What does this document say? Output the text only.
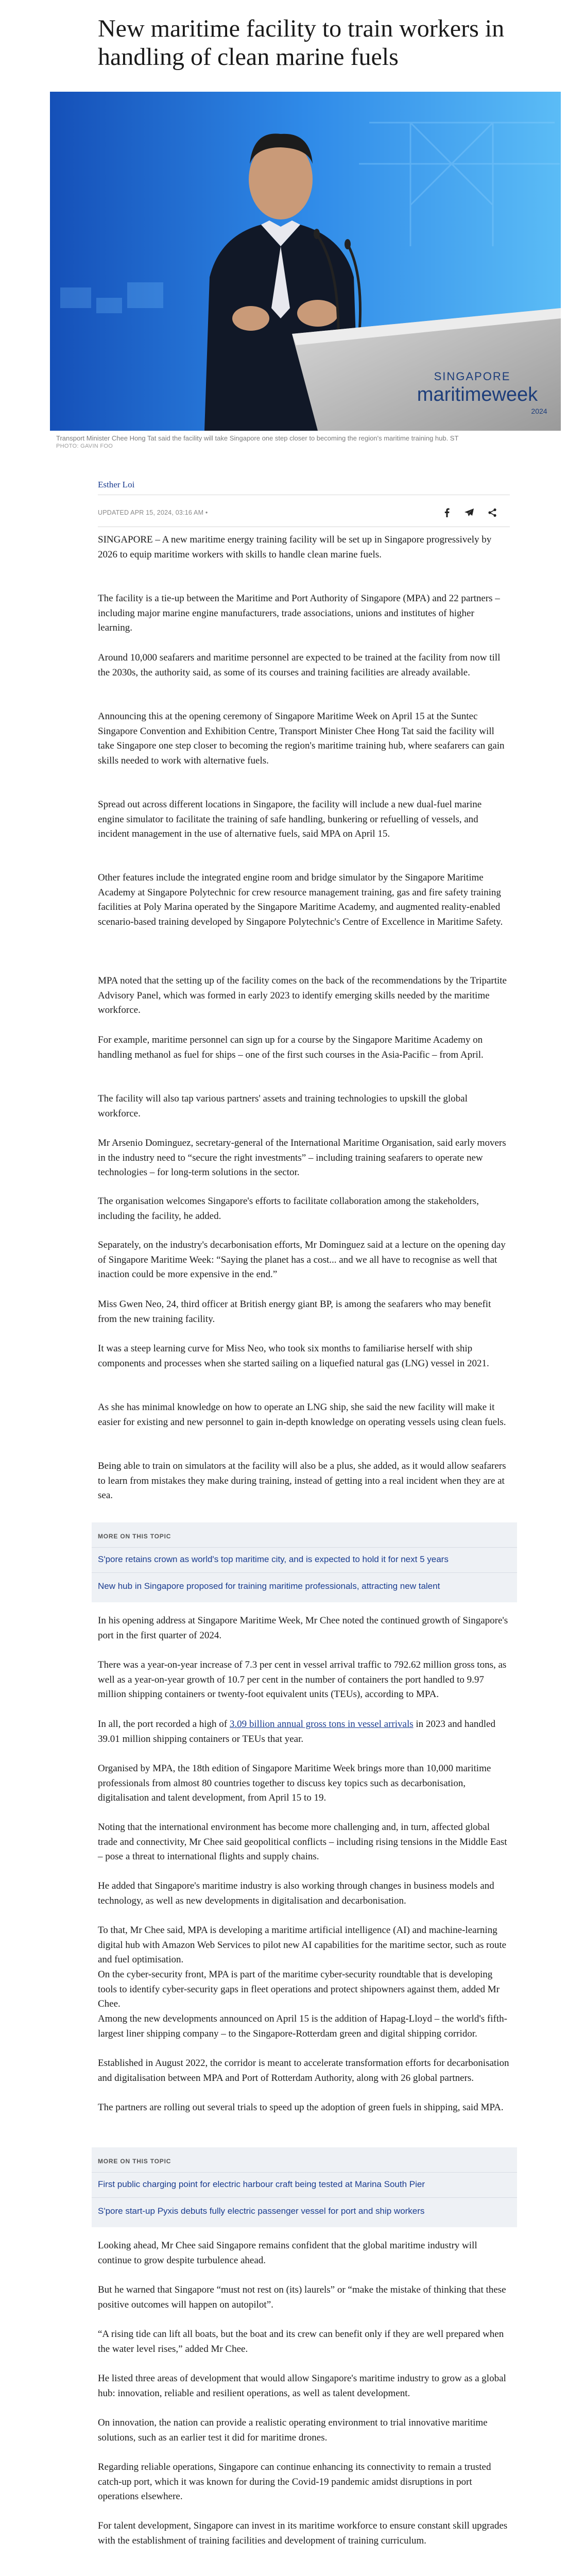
New maritime facility to train workers in handling of clean marine fuels
SINGAPORE
maritimeweek
2024
Transport Minister Chee Hong Tat said the facility will take Singapore one step closer to becoming the region's maritime training hub. ST
PHOTO: GAVIN FOO
Esther Loi
UPDATED APR 15, 2024, 03:16 AM •

SINGAPORE – A new maritime energy training facility will be set up in Singapore progressively by 2026 to equip maritime workers with skills to handle clean marine fuels.

The facility is a tie-up between the Maritime and Port Authority of Singapore (MPA) and 22 partners – including major marine engine manufacturers, trade associations, unions and institutes of higher learning.

Around 10,000 seafarers and maritime personnel are expected to be trained at the facility from now till the 2030s, the authority said, as some of its courses and training facilities are already available.

Announcing this at the opening ceremony of Singapore Maritime Week on April 15 at the Suntec Singapore Convention and Exhibition Centre, Transport Minister Chee Hong Tat said the facility will take Singapore one step closer to becoming the region's maritime training hub, where seafarers can gain skills needed to work with alternative fuels.

Spread out across different locations in Singapore, the facility will include a new dual-fuel marine engine simulator to facilitate the training of safe handling, bunkering or refuelling of vessels, and incident management in the use of alternative fuels, said MPA on April 15.

Other features include the integrated engine room and bridge simulator by the Singapore Maritime Academy at Singapore Polytechnic for crew resource management training, gas and fire safety training facilities at Poly Marina operated by the Singapore Maritime Academy, and augmented reality-enabled scenario-based training developed by Singapore Polytechnic's Centre of Excellence in Maritime Safety.

MPA noted that the setting up of the facility comes on the back of the recommendations by the Tripartite Advisory Panel, which was formed in early 2023 to identify emerging skills needed by the maritime workforce.

For example, maritime personnel can sign up for a course by the Singapore Maritime Academy on handling methanol as fuel for ships – one of the first such courses in the Asia-Pacific – from April.

The facility will also tap various partners' assets and training technologies to upskill the global workforce.

Mr Arsenio Dominguez, secretary-general of the International Maritime Organisation, said early movers in the industry need to “secure the right investments” – including training seafarers to operate new technologies – for long-term solutions in the sector.

The organisation welcomes Singapore's efforts to facilitate collaboration among the stakeholders, including the facility, he added.

Separately, on the industry's decarbonisation efforts, Mr Dominguez said at a lecture on the opening day of Singapore Maritime Week: “Saying the planet has a cost... and we all have to recognise as well that inaction could be more expensive in the end.”

Miss Gwen Neo, 24, third officer at British energy giant BP, is among the seafarers who may benefit from the new training facility.

It was a steep learning curve for Miss Neo, who took six months to familiarise herself with ship components and processes when she started sailing on a liquefied natural gas (LNG) vessel in 2021.

As she has minimal knowledge on how to operate an LNG ship, she said the new facility will make it easier for existing and new personnel to gain in-depth knowledge on operating vessels using clean fuels.

Being able to train on simulators at the facility will also be a plus, she added, as it would allow seafarers to learn from mistakes they make during training, instead of getting into a real incident when they are at sea.

MORE ON THIS TOPIC
S'pore retains crown as world's top maritime city, and is expected to hold it for next 5 years
New hub in Singapore proposed for training maritime professionals, attracting new talent

In his opening address at Singapore Maritime Week, Mr Chee noted the continued growth of Singapore's port in the first quarter of 2024.

There was a year-on-year increase of 7.3 per cent in vessel arrival traffic to 792.62 million gross tons, as well as a year-on-year growth of 10.7 per cent in the number of containers the port handled to 9.97 million shipping containers or twenty-foot equivalent units (TEUs), according to MPA.

In all, the port recorded a high of 3.09 billion annual gross tons in vessel arrivals in 2023 and handled 39.01 million shipping containers or TEUs that year.

Organised by MPA, the 18th edition of Singapore Maritime Week brings more than 10,000 maritime professionals from almost 80 countries together to discuss key topics such as decarbonisation, digitalisation and talent development, from April 15 to 19.

Noting that the international environment has become more challenging and, in turn, affected global trade and connectivity, Mr Chee said geopolitical conflicts – including rising tensions in the Middle East – pose a threat to international flights and supply chains.

He added that Singapore's maritime industry is also working through changes in business models and technology, as well as new developments in digitalisation and decarbonisation.

To that, Mr Chee said, MPA is developing a maritime artificial intelligence (AI) and machine-learning digital hub with Amazon Web Services to pilot new AI capabilities for the maritime sector, such as route and fuel optimisation.

On the cyber-security front, MPA is part of the maritime cyber-security roundtable that is developing tools to identify cyber-security gaps in fleet operations and protect shipowners against them, added Mr Chee.

Among the new developments announced on April 15 is the addition of Hapag-Lloyd – the world's fifth-largest liner shipping company – to the Singapore-Rotterdam green and digital shipping corridor.

Established in August 2022, the corridor is meant to accelerate transformation efforts for decarbonisation and digitalisation between MPA and Port of Rotterdam Authority, along with 26 global partners.

The partners are rolling out several trials to speed up the adoption of green fuels in shipping, said MPA.

MORE ON THIS TOPIC
First public charging point for electric harbour craft being tested at Marina South Pier
S'pore start-up Pyxis debuts fully electric passenger vessel for port and ship workers

Looking ahead, Mr Chee said Singapore remains confident that the global maritime industry will continue to grow despite turbulence ahead.

But he warned that Singapore “must not rest on (its) laurels” or “make the mistake of thinking that these positive outcomes will happen on autopilot”.

“A rising tide can lift all boats, but the boat and its crew can benefit only if they are well prepared when the water level rises,” added Mr Chee.

He listed three areas of development that would allow Singapore's maritime industry to grow as a global hub: innovation, reliable and resilient operations, as well as talent development.

On innovation, the nation can provide a realistic operating environment to trial innovative maritime solutions, such as an earlier test it did for maritime drones.

Regarding reliable operations, Singapore can continue enhancing its connectivity to remain a trusted catch-up port, which it was known for during the Covid-19 pandemic amidst disruptions in port operations elsewhere.

For talent development, Singapore can invest in its maritime workforce to ensure constant skill upgrades with the establishment of training facilities and development of training curriculum.
